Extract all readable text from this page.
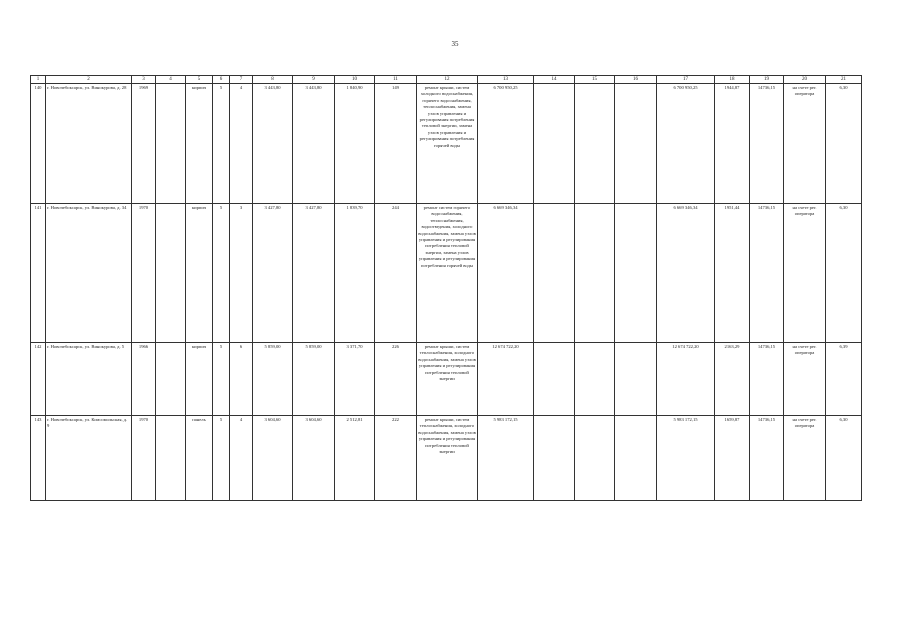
35
1	2	3	4	5	6	7	8	9	10	11	12	13	14	15	16	17	18	19	20	21
140	г. Новочебоксарск, ул. Винокурова, д. 28	1969		кирпич	5	4	3 443,80	3 443,80	1 840,90	149	ремонт крыши, систем холодного водоснабжения, горячего водоснабжения, теплоснабжения, замена узлов управления и регулирования потребления тепловой энергии, замена узлов управления и регулирования потребления горячей воды	6 700 950,25				6 700 950,25	1944,87	14736,15	на счете рег. оператора	6,30
141	г. Новочебоксарск, ул. Винокурова, д. 34	1970		кирпич	5	3	3 427,80	3 427,80	1 839,70	244	ремонт систем горячего водоснабжения, теплоснабжения, водоотведения, холодного водоснабжения, замена узлов управления и регулирования потребления тепловой энергии, замена узлов управления и регулирования потребления горячей воды	6 669 346,34				6 669 346,34	1951,44	14736,15	на счете рег. оператора	6,30
142	г. Новочебоксарск, ул. Винокурова, д. 5	1966		кирпич	5	6	5 859,00	5 859,00	3 371,70	226	ремонт крыши, систем теплоснабжения, холодного водоснабжения, замена узлов управления и регулирования потребления тепловой энергии	12 674 722,20				12 674 722,20	2163,29	14736,15	на счете рег. оператора	6,39
143	г. Новочебоксарск, ул. Комсомольская, д. 9	1970		панель	5	4	3 604,60	3 604,60	2 512,81	222	ремонт крыши, систем теплоснабжения, холодного водоснабжения, замена узлов управления и регулирования потребления тепловой энергии	5 983 172,15				5 983 172,15	1659,87	14736,15	на счете рег. оператора	6,30
